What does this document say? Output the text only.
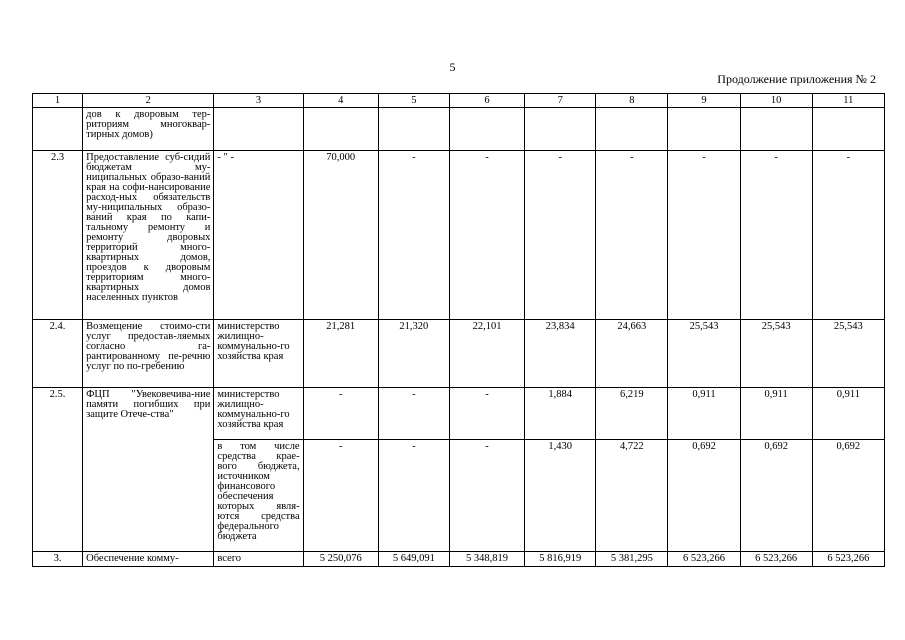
5
Продолжение приложения № 2
1	2	3	4	5	6	7	8	9	10	11
	дов к дворовым тер-риториям многоквар-тирных домов)									
2.3	Предоставление суб-сидий бюджетам му-ниципальных образо-ваний края на софи-нансирование расход-ных обязательств му-ниципальных образо-ваний края по капи-тальному ремонту и ремонту дворовых территорий много-квартирных домов, проездов к дворовым территориям много-квартирных домов населенных пунктов	- " -	70,000	-	-	-	-	-	-	-
2.4.	Возмещение стоимо-сти услуг предостав-ляемых согласно га-рантированному пе-речню услуг по по-гребению	министерство жилищно-коммунально-го хозяйства края	21,281	21,320	22,101	23,834	24,663	25,543	25,543	25,543
2.5.	ФЦП "Увековечива-ние памяти погибших при защите Отече-ства"	министерство жилищно-коммунально-го хозяйства края	-	-	-	1,884	6,219	0,911	0,911	0,911
		в том числе средства крае-вого бюджета, источником финансового обеспечения которых явля-ются средства федерального бюджета	-	-	-	1,430	4,722	0,692	0,692	0,692
3.	Обеспечение комму-	всего	5 250,076	5 649,091	5 348,819	5 816,919	5 381,295	6 523,266	6 523,266	6 523,266
